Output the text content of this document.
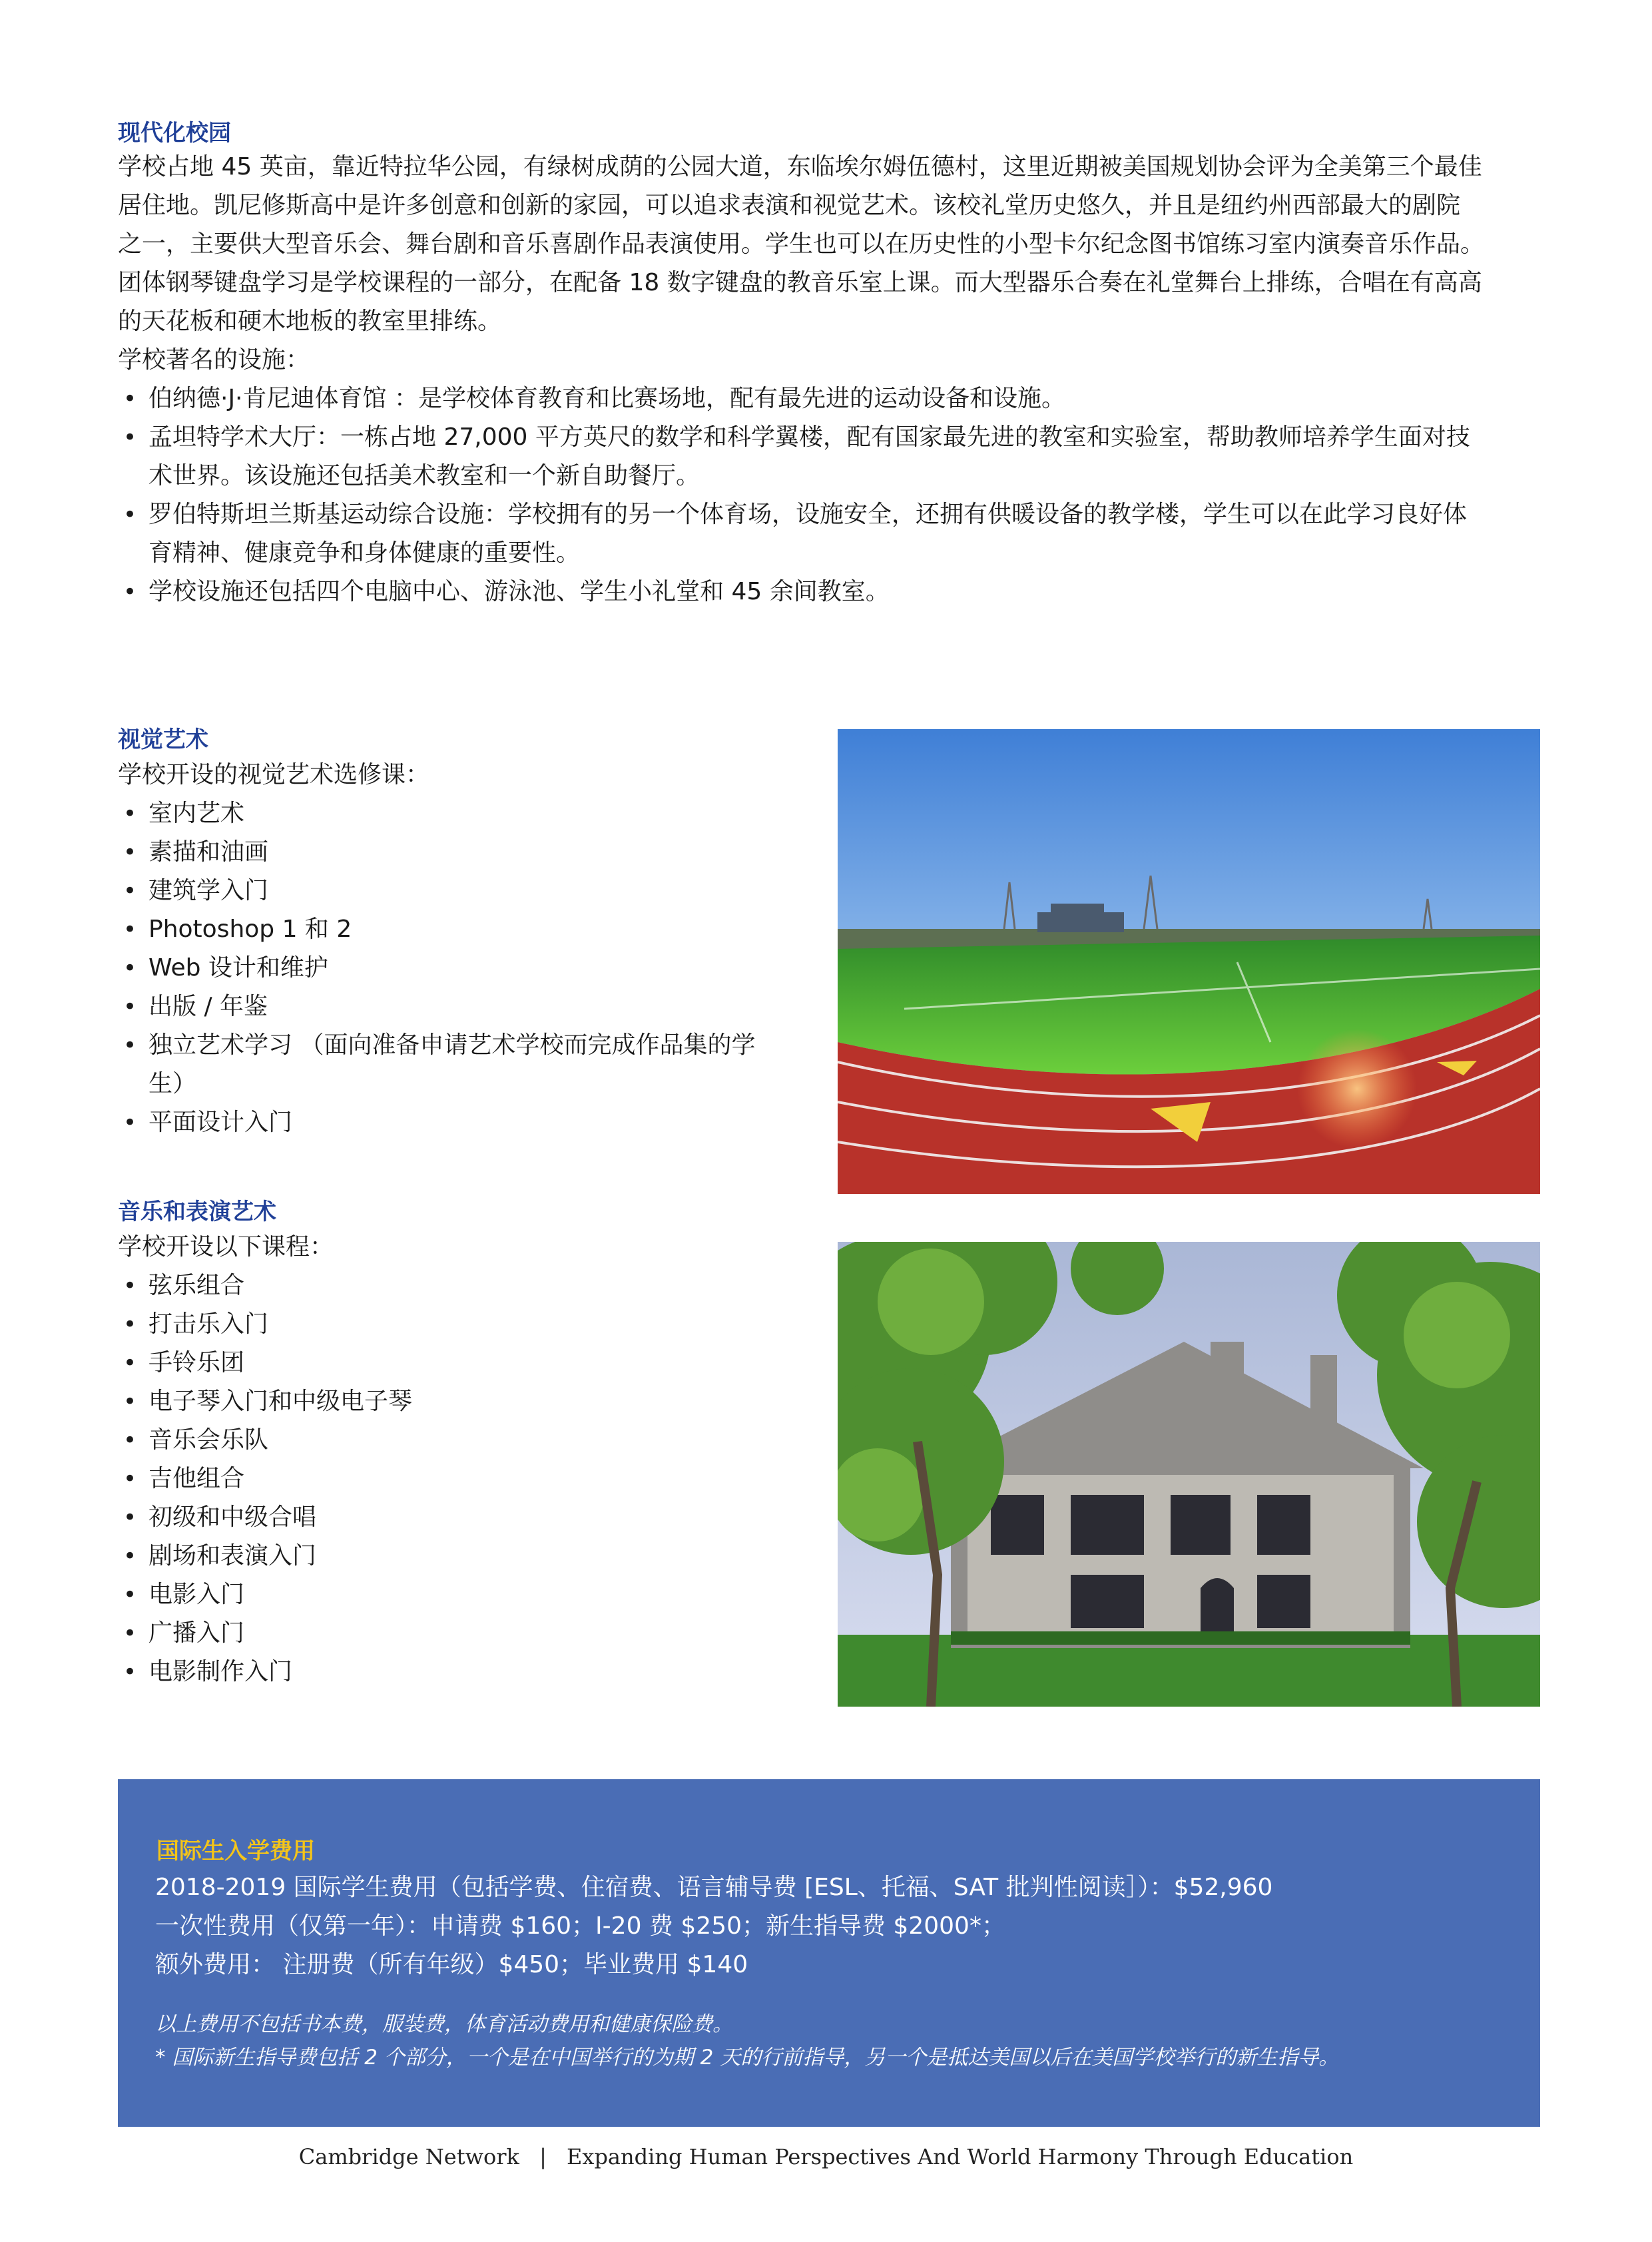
现代化校园

学校占地 45 英亩，靠近特拉华公园，有绿树成荫的公园大道，东临埃尔姆伍德村，这里近期被美国规划协会评为全美第三个最佳

居住地。凯尼修斯高中是许多创意和创新的家园，可以追求表演和视觉艺术。该校礼堂历史悠久，并且是纽约州西部最大的剧院

之一，主要供大型音乐会、舞台剧和音乐喜剧作品表演使用。学生也可以在历史性的小型卡尔纪念图书馆练习室内演奏音乐作品。

团体钢琴键盘学习是学校课程的一部分，在配备 18 数字键盘的教音乐室上课。而大型器乐合奏在礼堂舞台上排练，合唱在有高高

的天花板和硬木地板的教室里排练。

学校著名的设施：

• 伯纳德·J·肯尼迪体育馆 ：是学校体育教育和比赛场地，配有最先进的运动设备和设施。
• 孟坦特学术大厅：一栋占地 27,000 平方英尺的数学和科学翼楼，配有国家最先进的教室和实验室，帮助教师培养学生面对技
术世界。该设施还包括美术教室和一个新自助餐厅。
• 罗伯特斯坦兰斯基运动综合设施：学校拥有的另一个体育场，设施安全，还拥有供暖设备的教学楼，学生可以在此学习良好体
育精神、健康竞争和身体健康的重要性。
• 学校设施还包括四个电脑中心、游泳池、学生小礼堂和 45 余间教室。
视觉艺术
学校开设的视觉艺术选修课：
• 室内艺术
• 素描和油画
• 建筑学入门
• Photoshop 1 和 2
• Web 设计和维护
• 出版 / 年鉴
• 独立艺术学习 （面向准备申请艺术学校而完成作品集的学
生）
• 平面设计入门
音乐和表演艺术
学校开设以下课程：
• 弦乐组合
• 打击乐入门
• 手铃乐团
• 电子琴入门和中级电子琴
• 音乐会乐队
• 吉他组合
• 初级和中级合唱
• 剧场和表演入门
• 电影入门
• 广播入门
• 电影制作入门
国际生入学费用
2018-2019 国际学生费用（包括学费、住宿费、语言辅导费 [ESL、托福、SAT 批判性阅读］）：$52,960
一次性费用（仅第一年）：申请费 $160；I-20 费 $250；新生指导费 $2000*；
额外费用： 注册费（所有年级）$450；毕业费用 $140
以上费用不包括书本费，服装费，体育活动费用和健康保险费。
* 国际新生指导费包括 2 个部分，一个是在中国举行的为期 2 天的行前指导，另一个是抵达美国以后在美国学校举行的新生指导。
Cambridge Network | Expanding Human Perspectives And World Harmony Through Education
